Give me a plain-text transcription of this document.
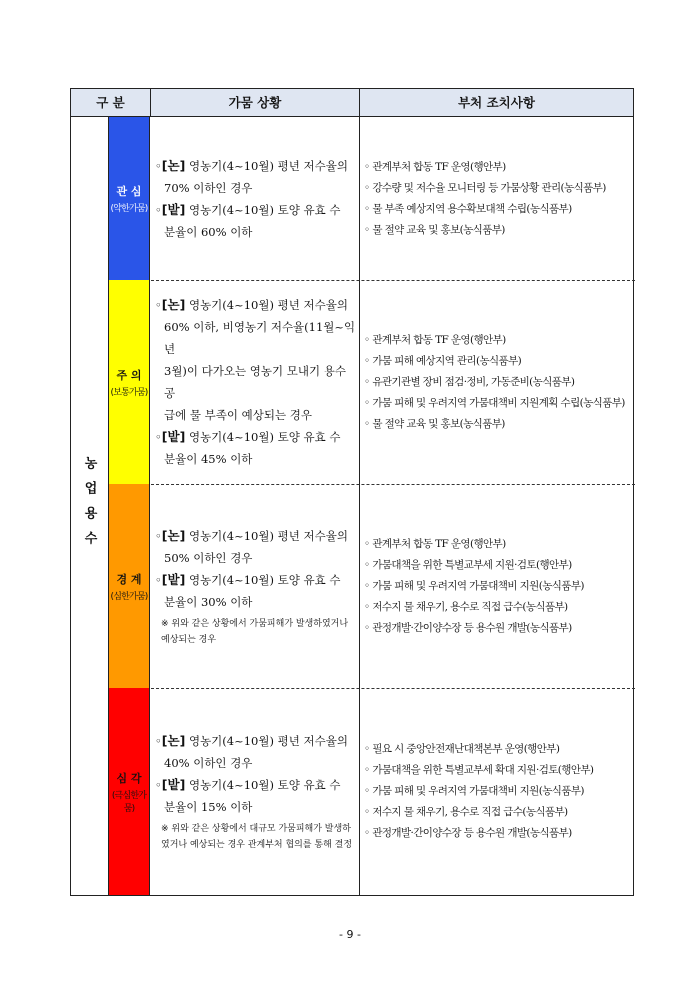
구 분	가뭄 상황	부처 조치사항
농업용수
관 심
(약한가뭄)

◦[논] 영농기(4~10월) 평년 저수율의

70% 이하인 경우

◦[밭] 영농기(4~10월) 토양 유효 수

분율이 60% 이하

◦ 관계부처 합동 TF 운영(행안부)

◦ 강수량 및 저수율 모니터링 등 가뭄상황 관리(농식품부)

◦ 물 부족 예상지역 용수확보대책 수립(농식품부)

◦ 물 절약 교육 및 홍보(농식품부)

주 의
(보통가뭄)

◦[논] 영농기(4~10월) 평년 저수율의

60% 이하, 비영농기 저수율(11월~익년

3월)이 다가오는 영농기 모내기 용수공

급에 물 부족이 예상되는 경우

◦[밭] 영농기(4~10월) 토양 유효 수

분율이 45% 이하

◦ 관계부처 합동 TF 운영(행안부)

◦ 가뭄 피해 예상지역 관리(농식품부)

◦ 유관기관별 장비 점검·정비, 가동준비(농식품부)

◦ 가뭄 피해 및 우려지역 가뭄대책비 지원계획 수립(농식품부)

◦ 물 절약 교육 및 홍보(농식품부)

경 계
(심한가뭄)

◦[논] 영농기(4~10월) 평년 저수율의

50% 이하인 경우

◦[밭] 영농기(4~10월) 토양 유효 수

분율이 30% 이하

※ 위와 같은 상황에서 가뭄피해가 발생하였거나 예상되는 경우

◦ 관계부처 합동 TF 운영(행안부)

◦ 가뭄대책을 위한 특별교부세 지원·검토(행안부)

◦ 가뭄 피해 및 우려지역 가뭄대책비 지원(농식품부)

◦ 저수지 물 채우기, 용수로 직접 급수(농식품부)

◦ 관정개발·간이양수장 등 용수원 개발(농식품부)

심 각
(극심한가뭄)

◦[논] 영농기(4~10월) 평년 저수율의

40% 이하인 경우

◦[밭] 영농기(4~10월) 토양 유효 수

분율이 15% 이하

※ 위와 같은 상황에서 대규모 가뭄피해가 발생하였거나 예상되는 경우 관계부처 협의를 통해 결정

◦ 필요 시 중앙안전재난대책본부 운영(행안부)

◦ 가뭄대책을 위한 특별교부세 확대 지원·검토(행안부)

◦ 가뭄 피해 및 우려지역 가뭄대책비 지원(농식품부)

◦ 저수지 물 채우기, 용수로 직접 급수(농식품부)

◦ 관정개발·간이양수장 등 용수원 개발(농식품부)

- 9 -
